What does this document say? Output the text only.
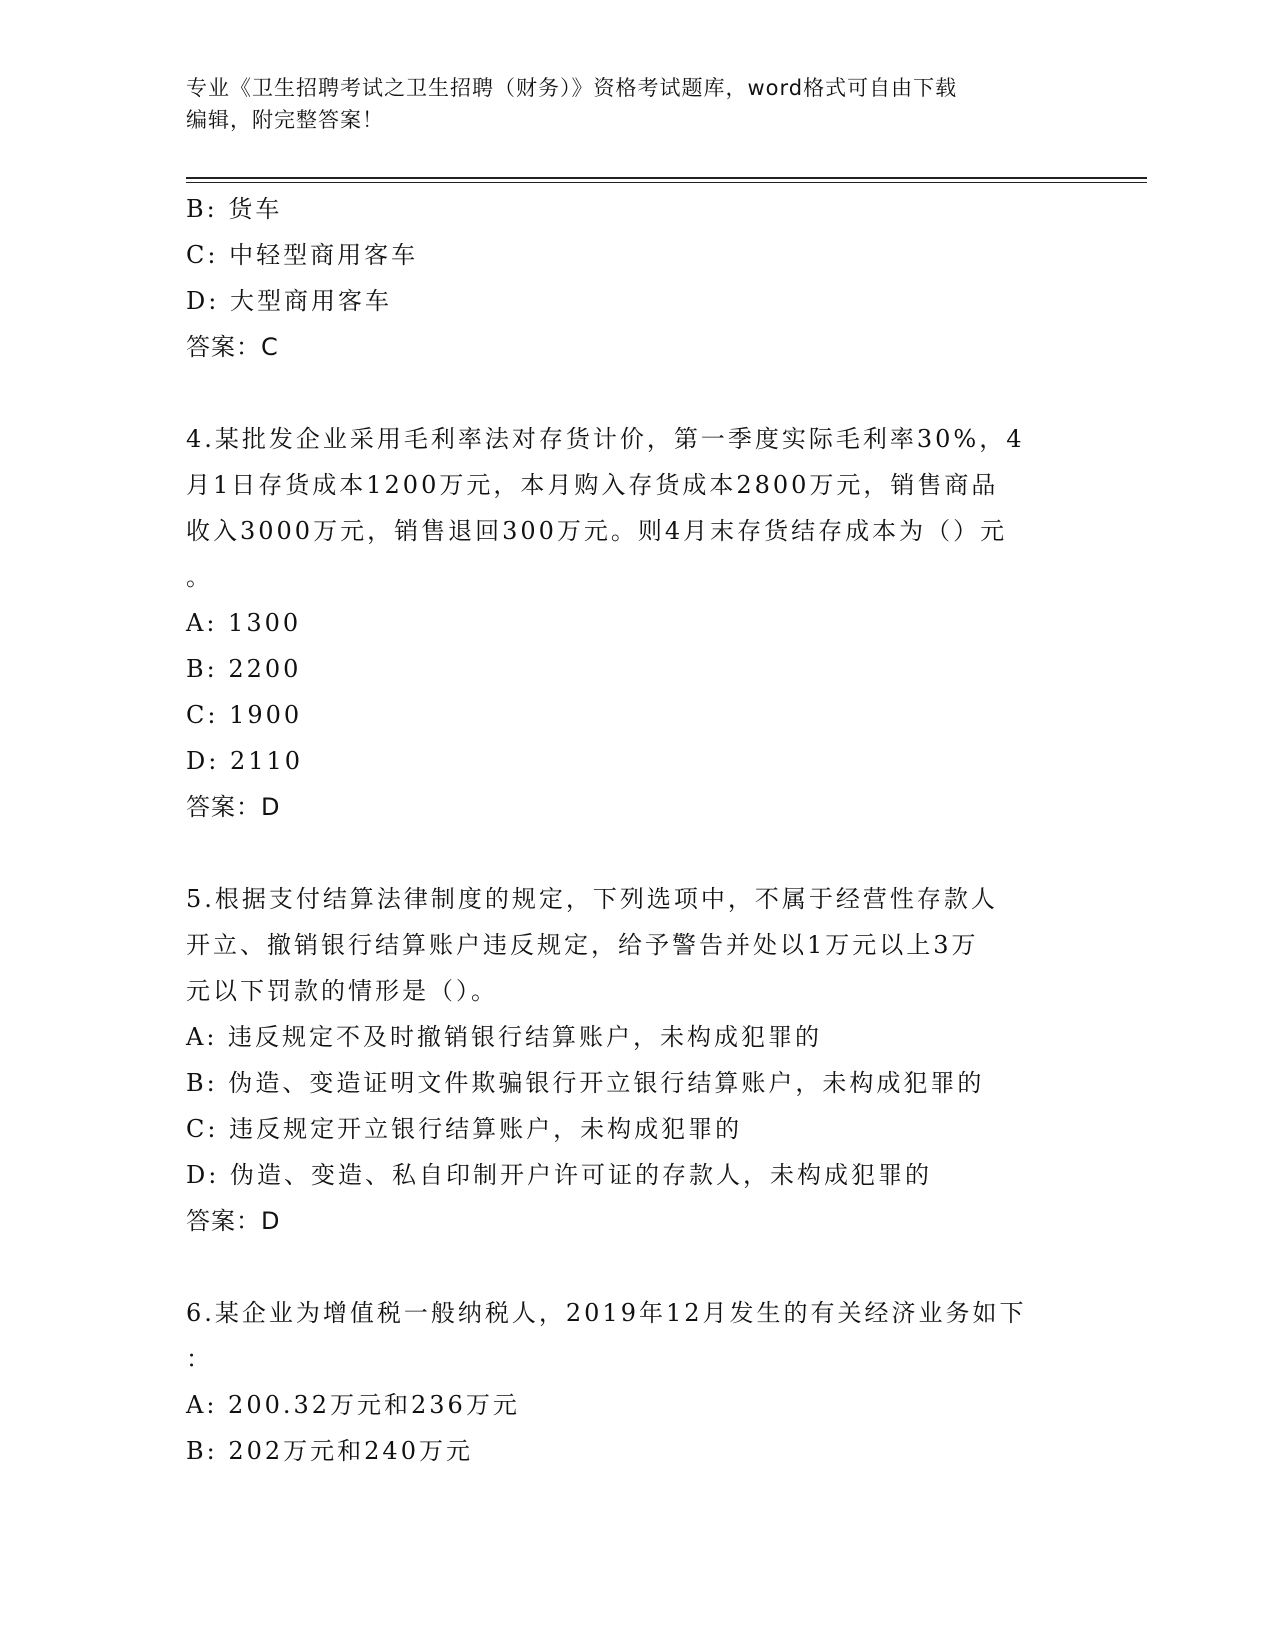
专业《卫生招聘考试之卫生招聘（财务）》资格考试题库，word格式可自由下载
编辑，附完整答案！
B: 货车
C: 中轻型商用客车
D: 大型商用客车
答案：C
4.某批发企业采用毛利率法对存货计价，第一季度实际毛利率30%，4
月1日存货成本1200万元，本月购入存货成本2800万元，销售商品
收入3000万元，销售退回300万元。则4月末存货结存成本为（）元
。
A: 1300
B: 2200
C: 1900
D: 2110
答案：D
5.根据支付结算法律制度的规定，下列选项中，不属于经营性存款人
开立、撤销银行结算账户违反规定，给予警告并处以1万元以上3万
元以下罚款的情形是（）。
A: 违反规定不及时撤销银行结算账户，未构成犯罪的
B: 伪造、变造证明文件欺骗银行开立银行结算账户，未构成犯罪的
C: 违反规定开立银行结算账户，未构成犯罪的
D: 伪造、变造、私自印制开户许可证的存款人，未构成犯罪的
答案：D
6.某企业为增值税一般纳税人，2019年12月发生的有关经济业务如下
：
A: 200.32万元和236万元
B: 202万元和240万元
